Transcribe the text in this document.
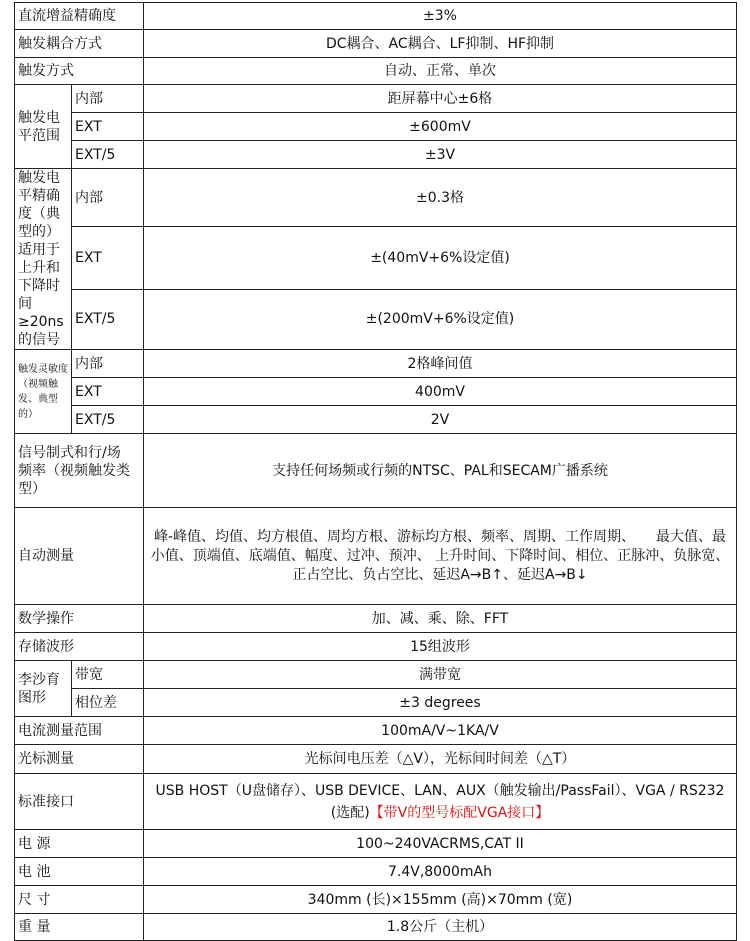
直流增益精确度		±3%
触发耦合方式		DC耦合、AC耦合、LF抑制、HF抑制
触发方式		自动、正常、单次
触发电平范围	内部	距屏幕中心±6格
	EXT	±600mV
	EXT/5	±3V
触发电平精确度（典型的）适用于上升和下降时间≥20ns的信号	内部	±0.3格
	EXT	±(40mV+6%设定值)
	EXT/5	±(200mV+6%设定值)
触发灵敏度（视频触发、典型的）	内部	2格峰间值
	EXT	400mV
	EXT/5	2V
信号制式和行/场频率（视频触发类型）		支持任何场频或行频的NTSC、PAL和SECAM广播系统
自动测量		峰-峰值、均值、均方根值、周均方根、游标均方根、频率、周期、工作周期、　　最大值、最小值、顶端值、底端值、幅度、过冲、预冲、 上升时间、下降时间、相位、正脉冲、负脉宽、正占空比、负占空比、延迟A→B↑、延迟A→B↓
数学操作		加、减、乘、除、FFT
存储波形		15组波形
李沙育图形	带宽	满带宽
	相位差	±3 degrees
电流测量范围		100mA/V~1KA/V
光标测量		光标间电压差（△V），光标间时间差（△T）
标准接口		USB HOST（U盘储存）、USB DEVICE、LAN、AUX（触发输出/PassFail）、VGA / RS232 (选配)【带V的型号标配VGA接口】
电 源		100~240VACRMS,CAT II
电 池		7.4V,8000mAh
尺 寸		340mm (长)×155mm (高)×70mm (宽)
重 量		1.8公斤（主机）
